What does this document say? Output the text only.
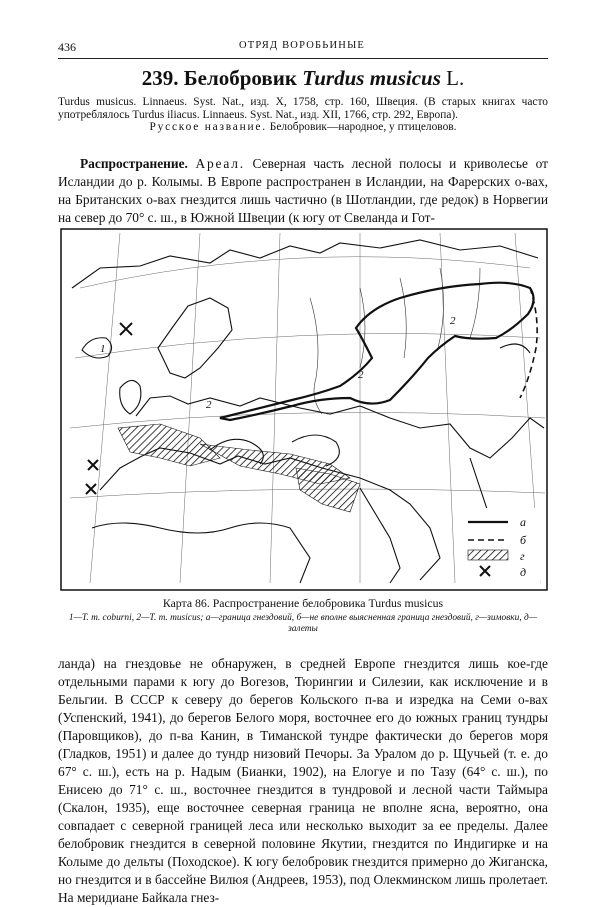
436	ОТРЯД ВОРОБЬИНЫЕ
239. Белобровик Turdus musicus L.

Turdus musicus. Linnaeus. Syst. Nat., изд. X, 1758, стр. 160, Швеция. (В старых книгах часто употреблялось Turdus iliacus. Linnaeus. Syst. Nat., изд. XII, 1766, стр. 292, Европа).

Русское название. Белобровик—народное, у птицеловов.

Распространение. Ареал. Северная часть лесной полосы и криволесье от Исландии до р. Колымы. В Европе распространен в Исландии, на Фарерских о-вах, на Британских о-вах гнездится лишь частично (в Шотландии, где редок) в Норвегии на север до 70° с. ш., в Южной Швеции (к югу от Свеланда и Гот-

1
2
2
2
а
б
г
д
Карта 86. Распространение белобровика Turdus musicus
1—T. m. coburni, 2—T. m. musicus; а—граница гнездовий, б—не вполне выясненная граница гнездовий, г—зимовки, д—залеты

ланда) на гнездовье не обнаружен, в средней Европе гнездится лишь кое-где отдельными парами к югу до Вогезов, Тюрингии и Силезии, как исключение и в Бельгии. В СССР к северу до берегов Кольского п-ва и изредка на Семи о-вах (Успенский, 1941), до берегов Белого моря, восточнее его до южных границ тундры (Паровщиков), до п-ва Канин, в Тиманской тундре фактически до берегов моря (Гладков, 1951) и далее до тундр низовий Печоры. За Уралом до р. Щучьей (т. е. до 67° с. ш.), есть на р. Надым (Бианки, 1902), на Елогуе и по Тазу (64° с. ш.), по Енисею до 71° с. ш., восточнее гнездится в тундровой и лесной части Таймыра (Скалон, 1935), еще восточнее северная граница не вполне ясна, вероятно, она совпадает с северной границей леса или несколько выходит за ее пределы. Далее белобровик гнездится в северной половине Якутии, гнездится по Индигирке и на Колыме до дельты (Походское). К югу белобровик гнездится примерно до Жиганска, но гнездится и в бассейне Вилюя (Андреев, 1953), под Олекминском лишь пролетает. На меридиане Байкала гнез-
